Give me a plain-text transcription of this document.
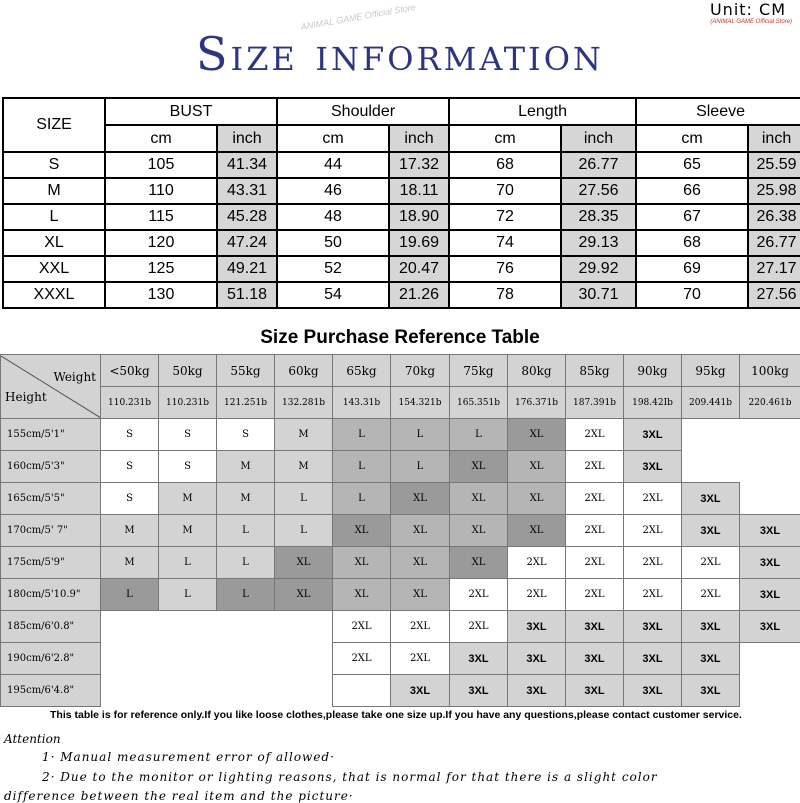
Size information
ANIMAL GAME Official Store	Unit: CM
(ANIMAL GAME Official Store)
SIZE	BUST		Shoulder		Length		Sleeve	
	cm	inch	cm	inch	cm	inch	cm	inch
S	105	41.34	44	17.32	68	26.77	65	25.59
M	110	43.31	46	18.11	70	27.56	66	25.98
L	115	45.28	48	18.90	72	28.35	67	26.38
XL	120	47.24	50	19.69	74	29.13	68	26.77
XXL	125	49.21	52	20.47	76	29.92	69	27.17
XXXL	130	51.18	54	21.26	78	30.71	70	27.56
Size Purchase Reference Table
Weight
Height	<50kg	50kg	55kg	60kg	65kg	70kg	75kg	80kg	85kg	90kg	95kg	100kg
	110.231b	110.231b	121.251b	132.281b	143.31b	154.321b	165.351b	176.371b	187.391b	198.42Ib	209.441b	220.461b
155cm/5'1"	S	S	S	M	L	L	L	XL	2XL	3XL		
160cm/5'3"	S	S	M	M	L	L	XL	XL	2XL	3XL		
165cm/5'5"	S	M	M	L	L	XL	XL	XL	2XL	2XL	3XL	
170cm/5' 7"	M	M	L	L	XL	XL	XL	XL	2XL	2XL	3XL	3XL
175cm/5'9"	M	L	L	XL	XL	XL	XL	2XL	2XL	2XL	2XL	3XL
180cm/5'10.9"	L	L	L	XL	XL	XL	2XL	2XL	2XL	2XL	2XL	3XL
185cm/6'0.8"					2XL	2XL	2XL	3XL	3XL	3XL	3XL	3XL
190cm/6'2.8"					2XL	2XL	3XL	3XL	3XL	3XL	3XL	
195cm/6'4.8"						3XL	3XL	3XL	3XL	3XL	3XL	
This table is for reference only.If you like loose clothes,please take one size up.If you have any questions,please contact customer service.
Attention
1· Manual measurement error of allowed·
2· Due to the monitor or lighting reasons, that is normal for that there is a slight color
difference between the real item and the picture·
